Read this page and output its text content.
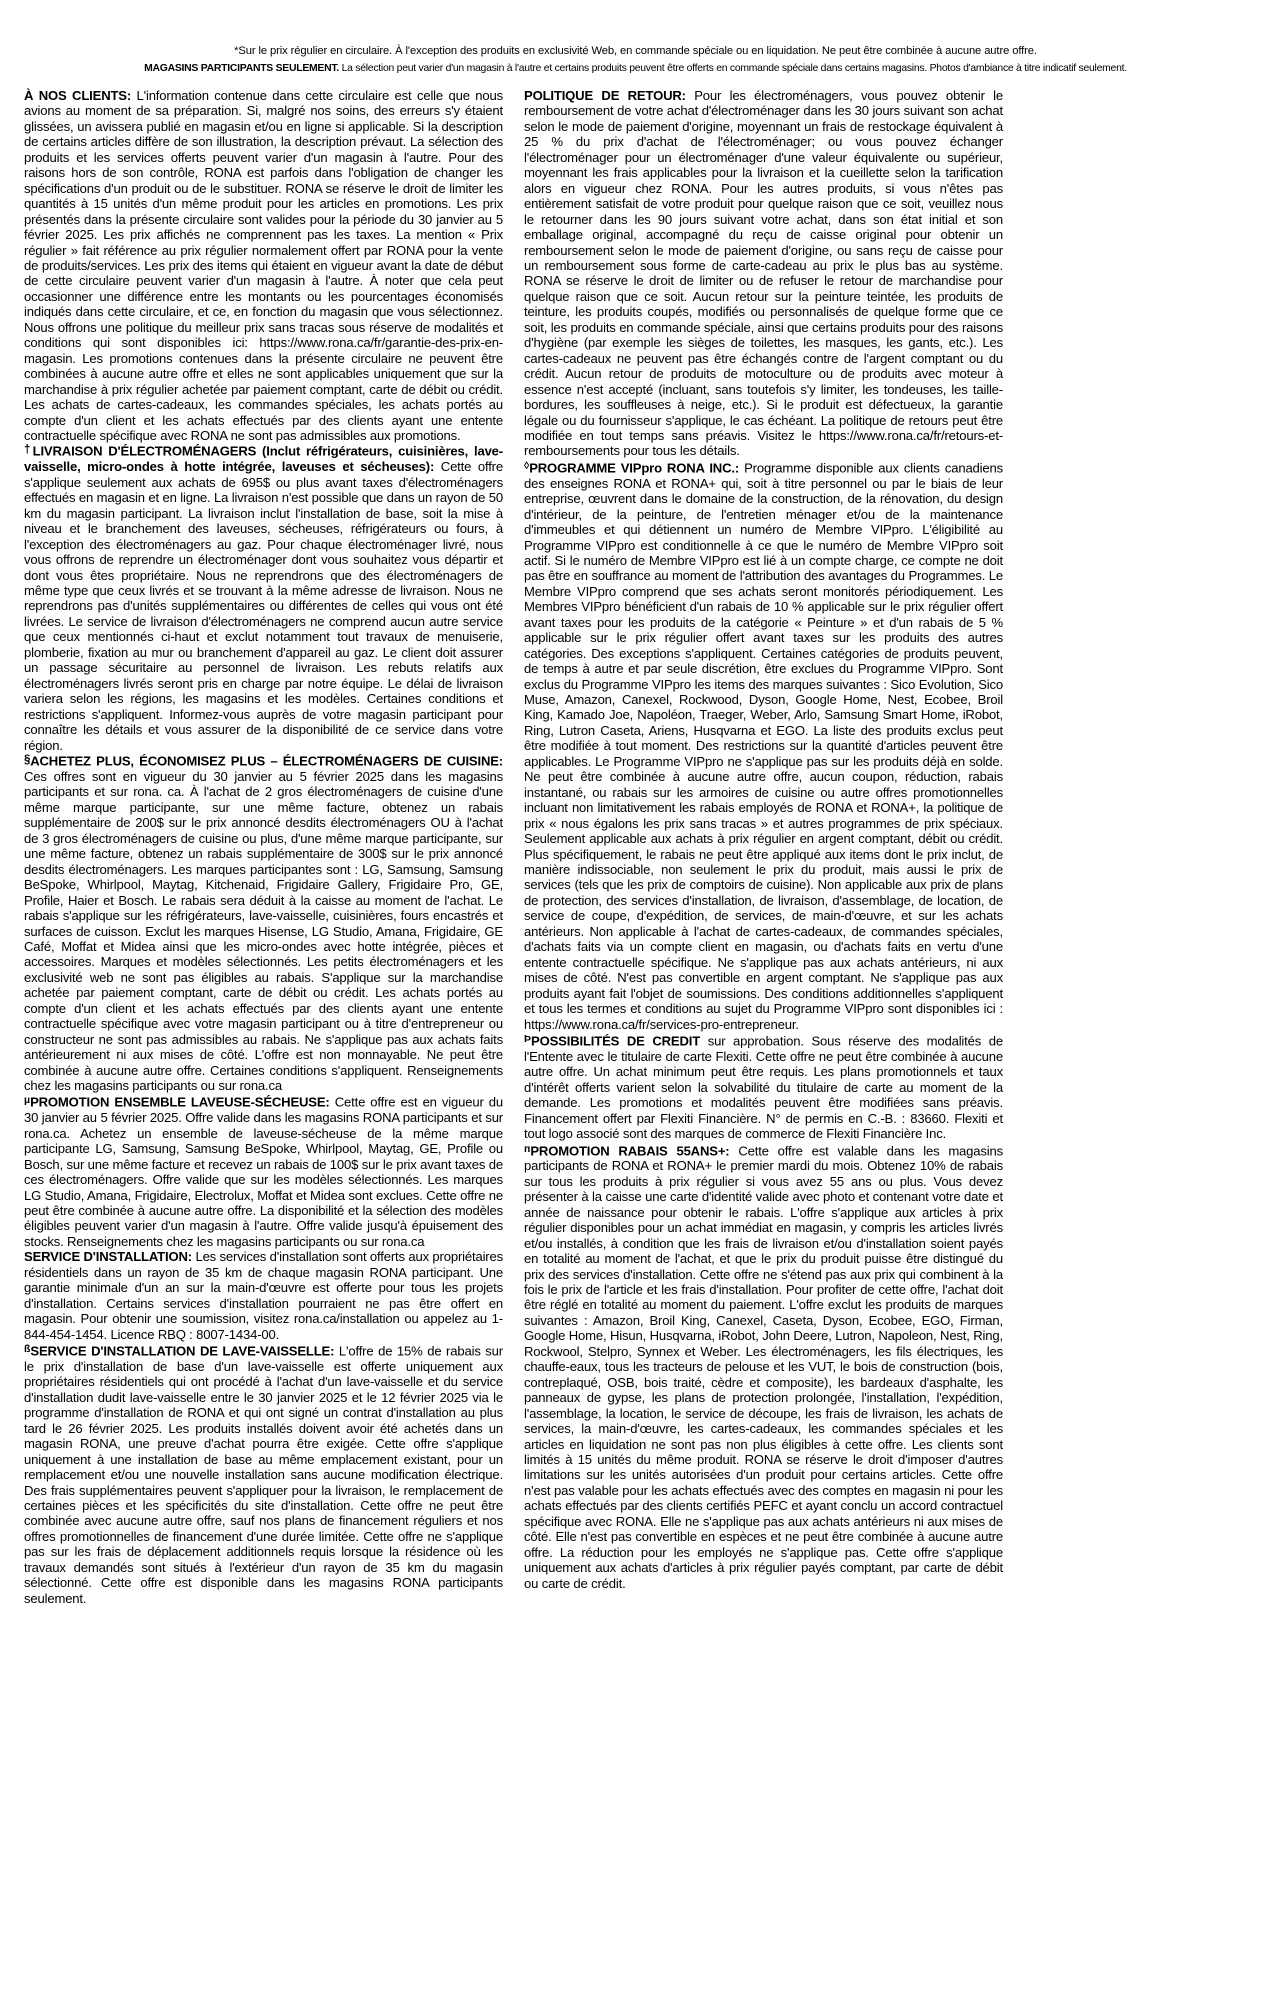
*Sur le prix régulier en circulaire. À l'exception des produits en exclusivité Web, en commande spéciale ou en liquidation. Ne peut être combinée à aucune autre offre.
MAGASINS PARTICIPANTS SEULEMENT. La sélection peut varier d'un magasin à l'autre et certains produits peuvent être offerts en commande spéciale dans certains magasins. Photos d'ambiance à titre indicatif seulement.

À NOS CLIENTS: L'information contenue dans cette circulaire est celle que nous avions au moment de sa préparation. Si, malgré nos soins, des erreurs s'y étaient glissées, un avissera publié en magasin et/ou en ligne si applicable. Si la description de certains articles diffère de son illustration, la description prévaut. La sélection des produits et les services offerts peuvent varier d'un magasin à l'autre. Pour des raisons hors de son contrôle, RONA est parfois dans l'obligation de changer les spécifications d'un produit ou de le substituer. RONA se réserve le droit de limiter les quantités à 15 unités d'un même produit pour les articles en promotions. Les prix présentés dans la présente circulaire sont valides pour la période du 30 janvier au 5 février 2025. Les prix affichés ne comprennent pas les taxes. La mention « Prix régulier » fait référence au prix régulier normalement offert par RONA pour la vente de produits/services. Les prix des items qui étaient en vigueur avant la date de début de cette circulaire peuvent varier d'un magasin à l'autre. À noter que cela peut occasionner une différence entre les montants ou les pourcentages économisés indiqués dans cette circulaire, et ce, en fonction du magasin que vous sélectionnez. Nous offrons une politique du meilleur prix sans tracas sous réserve de modalités et conditions qui sont disponibles ici: https://www.rona.ca/fr/garantie-des-prix-en-magasin. Les promotions contenues dans la présente circulaire ne peuvent être combinées à aucune autre offre et elles ne sont applicables uniquement que sur la marchandise à prix régulier achetée par paiement comptant, carte de débit ou crédit. Les achats de cartes-cadeaux, les commandes spéciales, les achats portés au compte d'un client et les achats effectués par des clients ayant une entente contractuelle spécifique avec RONA ne sont pas admissibles aux promotions.

†LIVRAISON D'ÉLECTROMÉNAGERS (Inclut réfrigérateurs, cuisinières, lave-vaisselle, micro-ondes à hotte intégrée, laveuses et sécheuses): Cette offre s'applique seulement aux achats de 695$ ou plus avant taxes d'électroménagers effectués en magasin et en ligne. La livraison n'est possible que dans un rayon de 50 km du magasin participant. La livraison inclut l'installation de base, soit la mise à niveau et le branchement des laveuses, sécheuses, réfrigérateurs ou fours, à l'exception des électroménagers au gaz. Pour chaque électroménager livré, nous vous offrons de reprendre un électroménager dont vous souhaitez vous départir et dont vous êtes propriétaire. Nous ne reprendrons que des électroménagers de même type que ceux livrés et se trouvant à la même adresse de livraison. Nous ne reprendrons pas d'unités supplémentaires ou différentes de celles qui vous ont été livrées. Le service de livraison d'électroménagers ne comprend aucun autre service que ceux mentionnés ci-haut et exclut notamment tout travaux de menuiserie, plomberie, fixation au mur ou branchement d'appareil au gaz. Le client doit assurer un passage sécuritaire au personnel de livraison. Les rebuts relatifs aux électroménagers livrés seront pris en charge par notre équipe. Le délai de livraison variera selon les régions, les magasins et les modèles. Certaines conditions et restrictions s'appliquent. Informez-vous auprès de votre magasin participant pour connaître les détails et vous assurer de la disponibilité de ce service dans votre région.

§ACHETEZ PLUS, ÉCONOMISEZ PLUS – ÉLECTROMÉNAGERS DE CUISINE: Ces offres sont en vigueur du 30 janvier au 5 février 2025 dans les magasins participants et sur rona. ca. À l'achat de 2 gros électroménagers de cuisine d'une même marque participante, sur une même facture, obtenez un rabais supplémentaire de 200$ sur le prix annoncé desdits électroménagers OU à l'achat de 3 gros électroménagers de cuisine ou plus, d'une même marque participante, sur une même facture, obtenez un rabais supplémentaire de 300$ sur le prix annoncé desdits électroménagers. Les marques participantes sont : LG, Samsung, Samsung BeSpoke, Whirlpool, Maytag, Kitchenaid, Frigidaire Gallery, Frigidaire Pro, GE, Profile, Haier et Bosch. Le rabais sera déduit à la caisse au moment de l'achat. Le rabais s'applique sur les réfrigérateurs, lave-vaisselle, cuisinières, fours encastrés et surfaces de cuisson. Exclut les marques Hisense, LG Studio, Amana, Frigidaire, GE Café, Moffat et Midea ainsi que les micro-ondes avec hotte intégrée, pièces et accessoires. Marques et modèles sélectionnés. Les petits électroménagers et les exclusivité web ne sont pas éligibles au rabais. S'applique sur la marchandise achetée par paiement comptant, carte de débit ou crédit. Les achats portés au compte d'un client et les achats effectués par des clients ayant une entente contractuelle spécifique avec votre magasin participant ou à titre d'entrepreneur ou constructeur ne sont pas admissibles au rabais. Ne s'applique pas aux achats faits antérieurement ni aux mises de côté. L'offre est non monnayable. Ne peut être combinée à aucune autre offre. Certaines conditions s'appliquent. Renseignements chez les magasins participants ou sur rona.ca

$^\mu$PROMOTION ENSEMBLE LAVEUSE-SÉCHEUSE: Cette offre est en vigueur du 30 janvier au 5 février 2025. Offre valide dans les magasins RONA participants et sur rona.ca. Achetez un ensemble de laveuse-sécheuse de la même marque participante LG, Samsung, Samsung BeSpoke, Whirlpool, Maytag, GE, Profile ou Bosch, sur une même facture et recevez un rabais de 100$ sur le prix avant taxes de ces électroménagers. Offre valide que sur les modèles sélectionnés. Les marques LG Studio, Amana, Frigidaire, Electrolux, Moffat et Midea sont exclues. Cette offre ne peut être combinée à aucune autre offre. La disponibilité et la sélection des modèles éligibles peuvent varier d'un magasin à l'autre. Offre valide jusqu'à épuisement des stocks. Renseignements chez les magasins participants ou sur rona.ca

SERVICE D'INSTALLATION: Les services d'installation sont offerts aux propriétaires résidentiels dans un rayon de 35 km de chaque magasin RONA participant. Une garantie minimale d'un an sur la main-d'œuvre est offerte pour tous les projets d'installation. Certains services d'installation pourraient ne pas être offert en magasin. Pour obtenir une soumission, visitez rona.ca/installation ou appelez au 1-844-454-1454. Licence RBQ : 8007-1434-00.

$^ß$SERVICE D'INSTALLATION DE LAVE-VAISSELLE: L'offre de 15% de rabais sur le prix d'installation de base d'un lave-vaisselle est offerte uniquement aux propriétaires résidentiels qui ont procédé à l'achat d'un lave-vaisselle et du service d'installation dudit lave-vaisselle entre le 30 janvier 2025 et le 12 février 2025 via le programme d'installation de RONA et qui ont signé un contrat d'installation au plus tard le 26 février 2025. Les produits installés doivent avoir été achetés dans un magasin RONA, une preuve d'achat pourra être exigée. Cette offre s'applique uniquement à une installation de base au même emplacement existant, pour un remplacement et/ou une nouvelle installation sans aucune modification électrique. Des frais supplémentaires peuvent s'appliquer pour la livraison, le remplacement de certaines pièces et les spécificités du site d'installation. Cette offre ne peut être combinée avec aucune autre offre, sauf nos plans de financement réguliers et nos offres promotionnelles de financement d'une durée limitée. Cette offre ne s'applique pas sur les frais de déplacement additionnels requis lorsque la résidence où les travaux demandés sont situés à l'extérieur d'un rayon de 35 km du magasin sélectionné. Cette offre est disponible dans les magasins RONA participants seulement.

POLITIQUE DE RETOUR: Pour les électroménagers, vous pouvez obtenir le remboursement de votre achat d'électroménager dans les 30 jours suivant son achat selon le mode de paiement d'origine, moyennant un frais de restockage équivalent à 25 % du prix d'achat de l'électroménager; ou vous pouvez échanger l'électroménager pour un électroménager d'une valeur équivalente ou supérieur, moyennant les frais applicables pour la livraison et la cueillette selon la tarification alors en vigueur chez RONA. Pour les autres produits, si vous n'êtes pas entièrement satisfait de votre produit pour quelque raison que ce soit, veuillez nous le retourner dans les 90 jours suivant votre achat, dans son état initial et son emballage original, accompagné du reçu de caisse original pour obtenir un remboursement selon le mode de paiement d'origine, ou sans reçu de caisse pour un remboursement sous forme de carte-cadeau au prix le plus bas au système. RONA se réserve le droit de limiter ou de refuser le retour de marchandise pour quelque raison que ce soit. Aucun retour sur la peinture teintée, les produits de teinture, les produits coupés, modifiés ou personnalisés de quelque forme que ce soit, les produits en commande spéciale, ainsi que certains produits pour des raisons d'hygiène (par exemple les sièges de toilettes, les masques, les gants, etc.). Les cartes-cadeaux ne peuvent pas être échangés contre de l'argent comptant ou du crédit. Aucun retour de produits de motoculture ou de produits avec moteur à essence n'est accepté (incluant, sans toutefois s'y limiter, les tondeuses, les taille-bordures, les souffleuses à neige, etc.). Si le produit est défectueux, la garantie légale ou du fournisseur s'applique, le cas échéant. La politique de retours peut être modifiée en tout temps sans préavis. Visitez le https://www.rona.ca/fr/retours-et-remboursements pour tous les détails.

◊PROGRAMME VIPpro RONA INC.: Programme disponible aux clients canadiens des enseignes RONA et RONA+ qui, soit à titre personnel ou par le biais de leur entreprise, œuvrent dans le domaine de la construction, de la rénovation, du design d'intérieur, de la peinture, de l'entretien ménager et/ou de la maintenance d'immeubles et qui détiennent un numéro de Membre VIPpro. L'éligibilité au Programme VIPpro est conditionnelle à ce que le numéro de Membre VIPpro soit actif. Si le numéro de Membre VIPpro est lié à un compte charge, ce compte ne doit pas être en souffrance au moment de l'attribution des avantages du Programmes. Le Membre VIPpro comprend que ses achats seront monitorés périodiquement. Les Membres VIPpro bénéficient d'un rabais de 10 % applicable sur le prix régulier offert avant taxes pour les produits de la catégorie « Peinture » et d'un rabais de 5 % applicable sur le prix régulier offert avant taxes sur les produits des autres catégories. Des exceptions s'appliquent. Certaines catégories de produits peuvent, de temps à autre et par seule discrétion, être exclues du Programme VIPpro. Sont exclus du Programme VIPpro les items des marques suivantes : Sico Evolution, Sico Muse, Amazon, Canexel, Rockwood, Dyson, Google Home, Nest, Ecobee, Broil King, Kamado Joe, Napoléon, Traeger, Weber, Arlo, Samsung Smart Home, iRobot, Ring, Lutron Caseta, Ariens, Husqvarna et EGO. La liste des produits exclus peut être modifiée à tout moment. Des restrictions sur la quantité d'articles peuvent être applicables. Le Programme VIPpro ne s'applique pas sur les produits déjà en solde. Ne peut être combinée à aucune autre offre, aucun coupon, réduction, rabais instantané, ou rabais sur les armoires de cuisine ou autre offres promotionnelles incluant non limitativement les rabais employés de RONA et RONA+, la politique de prix « nous égalons les prix sans tracas » et autres programmes de prix spéciaux. Seulement applicable aux achats à prix régulier en argent comptant, débit ou crédit. Plus spécifiquement, le rabais ne peut être appliqué aux items dont le prix inclut, de manière indissociable, non seulement le prix du produit, mais aussi le prix de services (tels que les prix de comptoirs de cuisine). Non applicable aux prix de plans de protection, des services d'installation, de livraison, d'assemblage, de location, de service de coupe, d'expédition, de services, de main-d'œuvre, et sur les achats antérieurs. Non applicable à l'achat de cartes-cadeaux, de commandes spéciales, d'achats faits via un compte client en magasin, ou d'achats faits en vertu d'une entente contractuelle spécifique. Ne s'applique pas aux achats antérieurs, ni aux mises de côté. N'est pas convertible en argent comptant. Ne s'applique pas aux produits ayant fait l'objet de soumissions. Des conditions additionnelles s'appliquent et tous les termes et conditions au sujet du Programme VIPpro sont disponibles ici : https://www.rona.ca/fr/services-pro-entrepreneur.

$^Þ$POSSIBILITÉS DE CREDIT sur approbation. Sous réserve des modalités de l'Entente avec le titulaire de carte Flexiti. Cette offre ne peut être combinée à aucune autre offre. Un achat minimum peut être requis. Les plans promotionnels et taux d'intérêt offerts varient selon la solvabilité du titulaire de carte au moment de la demande. Les promotions et modalités peuvent être modifiées sans préavis. Financement offert par Flexiti Financière. N° de permis en C.-B. : 83660. Flexiti et tout logo associé sont des marques de commerce de Flexiti Financière Inc.

$^ᴨ$PROMOTION RABAIS 55ANS+: Cette offre est valable dans les magasins participants de RONA et RONA+ le premier mardi du mois. Obtenez 10% de rabais sur tous les produits à prix régulier si vous avez 55 ans ou plus. Vous devez présenter à la caisse une carte d'identité valide avec photo et contenant votre date et année de naissance pour obtenir le rabais. L'offre s'applique aux articles à prix régulier disponibles pour un achat immédiat en magasin, y compris les articles livrés et/ou installés, à condition que les frais de livraison et/ou d'installation soient payés en totalité au moment de l'achat, et que le prix du produit puisse être distingué du prix des services d'installation. Cette offre ne s'étend pas aux prix qui combinent à la fois le prix de l'article et les frais d'installation. Pour profiter de cette offre, l'achat doit être réglé en totalité au moment du paiement. L'offre exclut les produits de marques suivantes : Amazon, Broil King, Canexel, Caseta, Dyson, Ecobee, EGO, Firman, Google Home, Hisun, Husqvarna, iRobot, John Deere, Lutron, Napoleon, Nest, Ring, Rockwool, Stelpro, Synnex et Weber. Les électroménagers, les fils électriques, les chauffe-eaux, tous les tracteurs de pelouse et les VUT, le bois de construction (bois, contreplaqué, OSB, bois traité, cèdre et composite), les bardeaux d'asphalte, les panneaux de gypse, les plans de protection prolongée, l'installation, l'expédition, l'assemblage, la location, le service de découpe, les frais de livraison, les achats de services, la main-d'œuvre, les cartes-cadeaux, les commandes spéciales et les articles en liquidation ne sont pas non plus éligibles à cette offre. Les clients sont limités à 15 unités du même produit. RONA se réserve le droit d'imposer d'autres limitations sur les unités autorisées d'un produit pour certains articles. Cette offre n'est pas valable pour les achats effectués avec des comptes en magasin ni pour les achats effectués par des clients certifiés PEFC et ayant conclu un accord contractuel spécifique avec RONA. Elle ne s'applique pas aux achats antérieurs ni aux mises de côté. Elle n'est pas convertible en espèces et ne peut être combinée à aucune autre offre. La réduction pour les employés ne s'applique pas. Cette offre s'applique uniquement aux achats d'articles à prix régulier payés comptant, par carte de débit ou carte de crédit.
